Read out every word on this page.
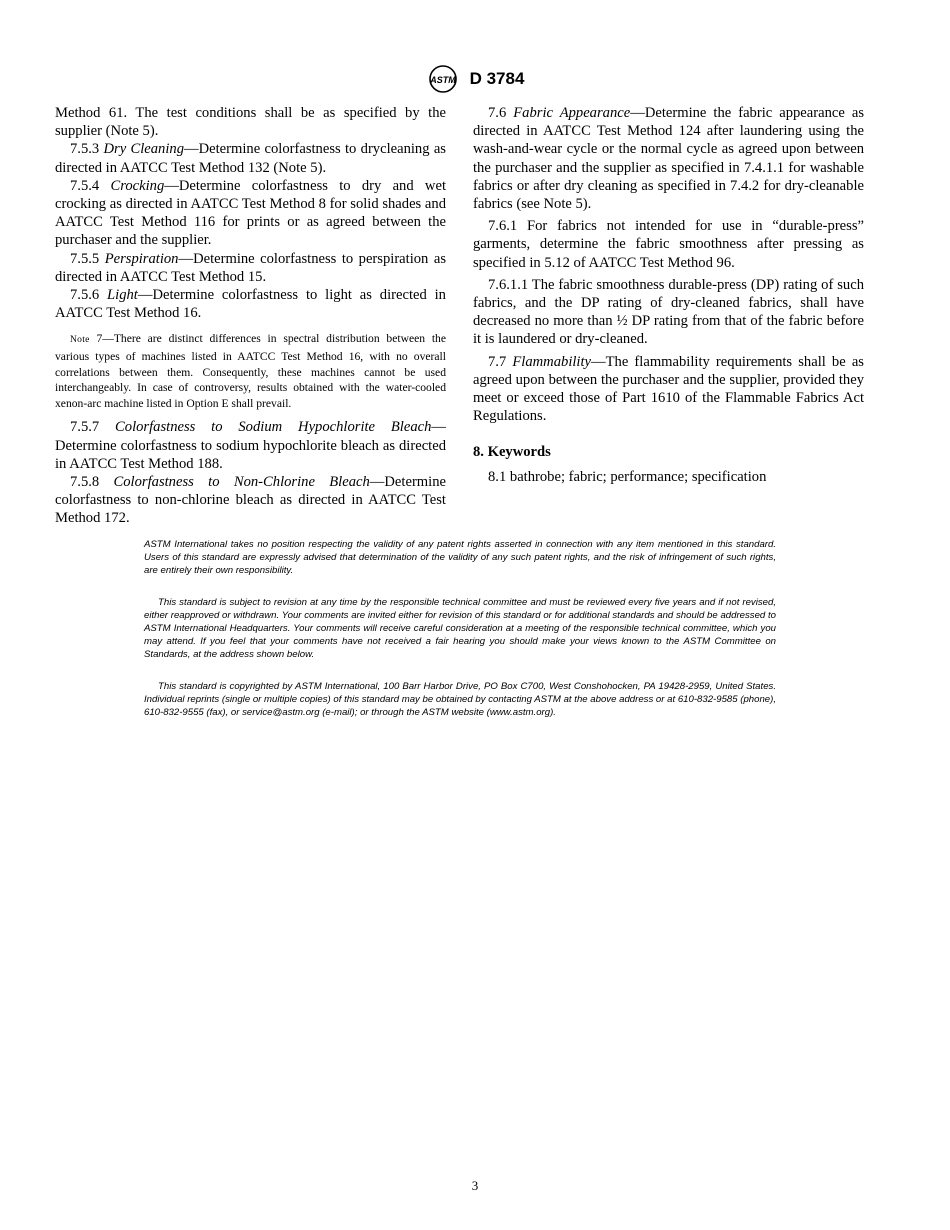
ASTM D 3784

Method 61. The test conditions shall be as specified by the supplier (Note 5).

7.5.3 Dry Cleaning—Determine colorfastness to drycleaning as directed in AATCC Test Method 132 (Note 5).

7.5.4 Crocking—Determine colorfastness to dry and wet crocking as directed in AATCC Test Method 8 for solid shades and AATCC Test Method 116 for prints or as agreed between the purchaser and the supplier.

7.5.5 Perspiration—Determine colorfastness to perspiration as directed in AATCC Test Method 15.

7.5.6 Light—Determine colorfastness to light as directed in AATCC Test Method 16.

Note 7—There are distinct differences in spectral distribution between the various types of machines listed in AATCC Test Method 16, with no overall correlations between them. Consequently, these machines cannot be used interchangeably. In case of controversy, results obtained with the water-cooled xenon-arc machine listed in Option E shall prevail.

7.5.7 Colorfastness to Sodium Hypochlorite Bleach—Determine colorfastness to sodium hypochlorite bleach as directed in AATCC Test Method 188.

7.5.8 Colorfastness to Non-Chlorine Bleach—Determine colorfastness to non-chlorine bleach as directed in AATCC Test Method 172.

7.6 Fabric Appearance—Determine the fabric appearance as directed in AATCC Test Method 124 after laundering using the wash-and-wear cycle or the normal cycle as agreed upon between the purchaser and the supplier as specified in 7.4.1.1 for washable fabrics or after dry cleaning as specified in 7.4.2 for dry-cleanable fabrics (see Note 5).

7.6.1 For fabrics not intended for use in “durable-press” garments, determine the fabric smoothness after pressing as specified in 5.12 of AATCC Test Method 96.

7.6.1.1 The fabric smoothness durable-press (DP) rating of such fabrics, and the DP rating of dry-cleaned fabrics, shall have decreased no more than ½ DP rating from that of the fabric before it is laundered or dry-cleaned.

7.7 Flammability—The flammability requirements shall be as agreed upon between the purchaser and the supplier, provided they meet or exceed those of Part 1610 of the Flammable Fabrics Act Regulations.

8. Keywords

8.1 bathrobe; fabric; performance; specification

ASTM International takes no position respecting the validity of any patent rights asserted in connection with any item mentioned in this standard. Users of this standard are expressly advised that determination of the validity of any such patent rights, and the risk of infringement of such rights, are entirely their own responsibility.

This standard is subject to revision at any time by the responsible technical committee and must be reviewed every five years and if not revised, either reapproved or withdrawn. Your comments are invited either for revision of this standard or for additional standards and should be addressed to ASTM International Headquarters. Your comments will receive careful consideration at a meeting of the responsible technical committee, which you may attend. If you feel that your comments have not received a fair hearing you should make your views known to the ASTM Committee on Standards, at the address shown below.

This standard is copyrighted by ASTM International, 100 Barr Harbor Drive, PO Box C700, West Conshohocken, PA 19428-2959, United States. Individual reprints (single or multiple copies) of this standard may be obtained by contacting ASTM at the above address or at 610-832-9585 (phone), 610-832-9555 (fax), or service@astm.org (e-mail); or through the ASTM website (www.astm.org).

3
